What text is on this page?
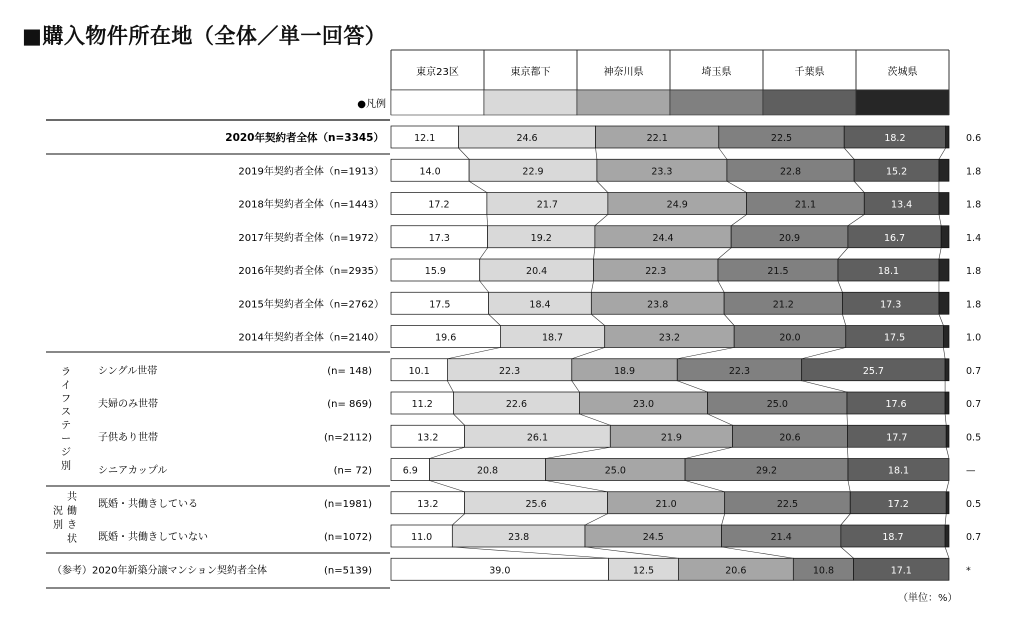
■購入物件所在地（全体／単一回答）
東京23区	東京都下	神奈川県	埼玉県	千葉県	茨城県
●凡例
ライフステージ別
共働き状況別
12.1	24.6	22.1	22.5	18.2	0.6
2020年契約者全体（n=3345）
14.0	22.9	23.3	22.8	15.2	1.8
2019年契約者全体（n=1913）
17.2	21.7	24.9	21.1	13.4	1.8
2018年契約者全体（n=1443）
17.3	19.2	24.4	20.9	16.7	1.4
2017年契約者全体（n=1972）
15.9	20.4	22.3	21.5	18.1	1.8
2016年契約者全体（n=2935）
17.5	18.4	23.8	21.2	17.3	1.8
2015年契約者全体（n=2762）
19.6	18.7	23.2	20.0	17.5	1.0
2014年契約者全体（n=2140）
10.1	22.3	18.9	22.3	25.7	0.7
シングル世帯	(n= 148)
11.2	22.6	23.0	25.0	17.6	0.7
夫婦のみ世帯	(n= 869)
13.2	26.1	21.9	20.6	17.7	0.5
子供あり世帯	(n=2112)
6.9	20.8	25.0	29.2	18.1	—
シニアカップル	(n= 72)
13.2	25.6	21.0	22.5	17.2	0.5
既婚・共働きしている	(n=1981)
11.0	23.8	24.5	21.4	18.7	0.7
既婚・共働きしていない	(n=1072)
39.0	12.5	20.6	10.8	17.1	*
（参考）2020年新築分譲マンション契約者全体	(n=5139)
（単位：%）
